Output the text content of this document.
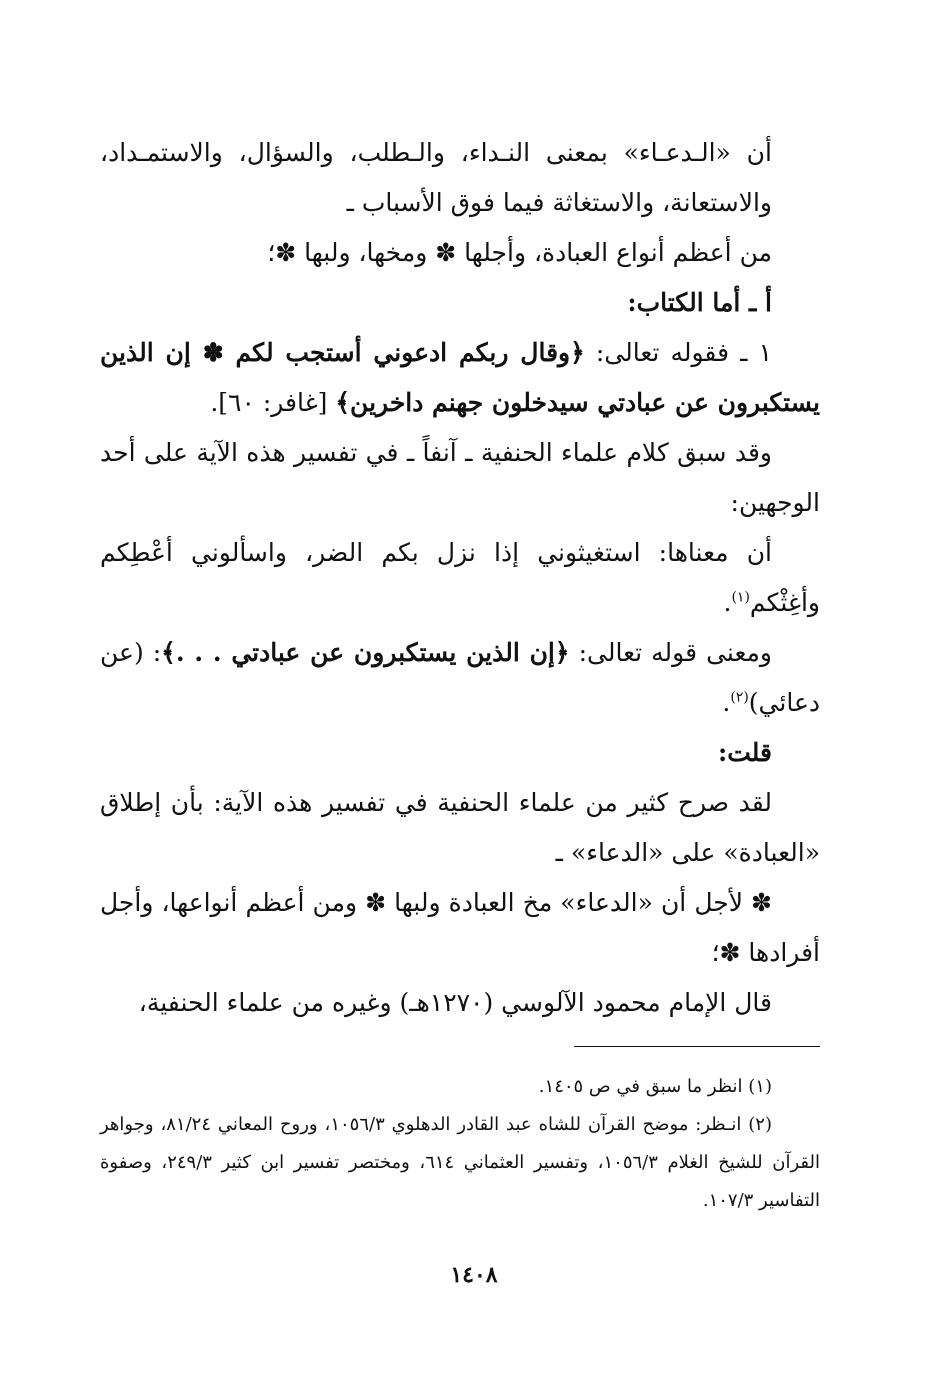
أن «الـدعـاء» بمعنى النـداء، والـطلب، والسؤال، والاستمـداد، والاستعانة، والاستغاثة فيما فوق الأسباب ـ

من أعظم أنواع العبادة، وأجلها ✽ ومخها، ولبها ✽؛

أ ـ أما الكتاب:

١ ـ فقوله تعالى: ﴿وقال ربكم ادعوني أستجب لكم ✽ إن الذين يستكبرون عن عبادتي سيدخلون جهنم داخرين﴾ [غافر: ٦٠].

وقد سبق كلام علماء الحنفية ـ آنفاً ـ في تفسير هذه الآية على أحد الوجهين:

أن معناها: استغيثوني إذا نزل بكم الضر، واسألوني أعْطِكم وأغِثْكم$^{(١)}$.

ومعنى قوله تعالى: ﴿إن الذين يستكبرون عن عبادتي . . .﴾: (عن دعائي)$^{(٢)}$.

قلت:

لقد صرح كثير من علماء الحنفية في تفسير هذه الآية: بأن إطلاق «العبادة» على «الدعاء» ـ

✽ لأجل أن «الدعاء» مخ العبادة ولبها ✽ ومن أعظم أنواعها، وأجل أفرادها ✽؛

قال الإمام محمود الآلوسي (١٢٧٠هـ) وغيره من علماء الحنفية،

(١) انظر ما سبق في ص ١٤٠٥.

(٢) انـظر: موضح القرآن للشاه عبد القادر الدهلوي ١٠٥٦/٣، وروح المعاني ٨١/٢٤، وجواهر القرآن للشيخ الغلام ١٠٥٦/٣، وتفسير العثماني ٦١٤، ومختصر تفسير ابن كثير ٢٤٩/٣، وصفوة التفاسير ١٠٧/٣.

١٤٠٨
